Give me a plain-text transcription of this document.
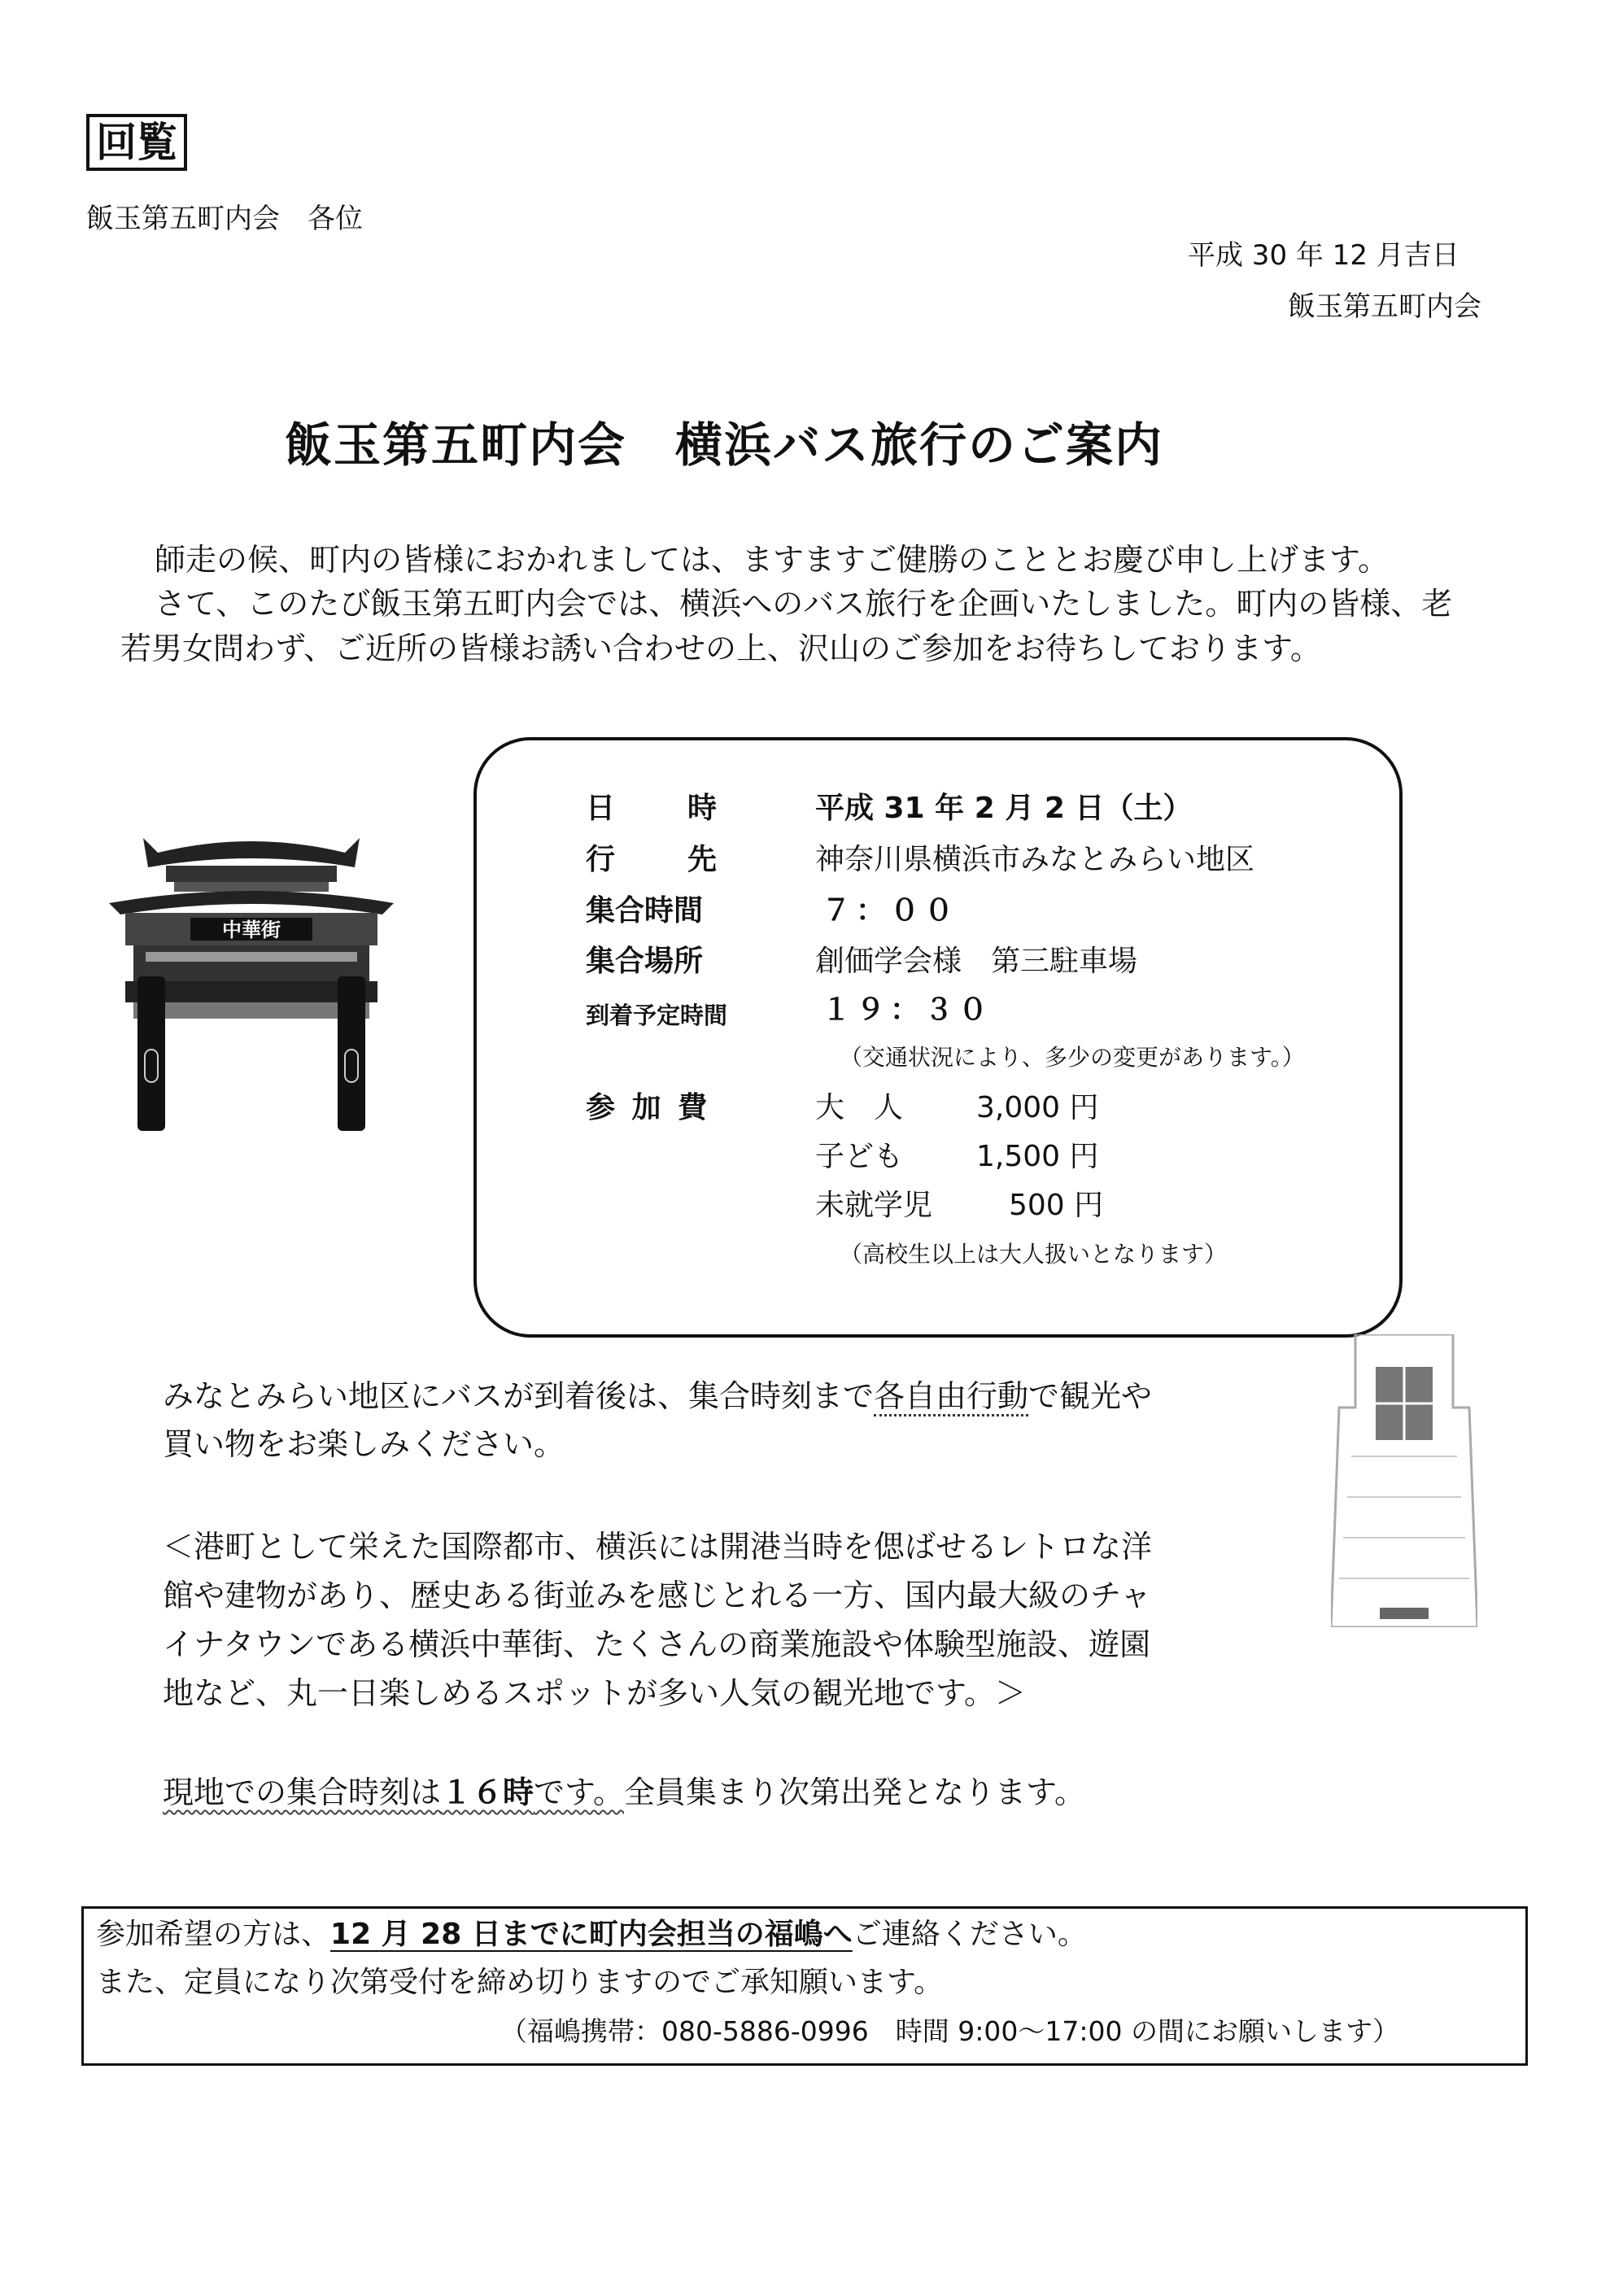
回覧
飯玉第五町内会　各位
平成 30 年 12 月吉日
飯玉第五町内会
飯玉第五町内会　横浜バス旅行のご案内
師走の候、町内の皆様におかれましては、ますますご健勝のこととお慶び申し上げます。
さて、このたび飯玉第五町内会では、横浜へのバス旅行を企画いたしました。町内の皆様、老
若男女問わず、ご近所の皆様お誘い合わせの上、沢山のご参加をお待ちしております。
中華街
日 時	平成 31 年 2 月 2 日（土）
行 先	神奈川県横浜市みなとみらい地区
集合時間	７：００
集合場所	創価学会様　第三駐車場
到着予定時間	１９：３０
（交通状況により、多少の変更があります。）
参 加 費	大　人 3,000 円
子ども 1,500 円
未就学児	500 円
（高校生以上は大人扱いとなります）
みなとみらい地区にバスが到着後は、集合時刻まで各自由行動で観光や
買い物をお楽しみください。
＜港町として栄えた国際都市、横浜には開港当時を偲ばせるレトロな洋
館や建物があり、歴史ある街並みを感じとれる一方、国内最大級のチャ
イナタウンである横浜中華街、たくさんの商業施設や体験型施設、遊園
地など、丸一日楽しめるスポットが多い人気の観光地です。＞
現地での集合時刻は１６時です。全員集まり次第出発となります。
参加希望の方は、12 月 28 日までに町内会担当の福嶋へご連絡ください。
また、定員になり次第受付を締め切りますのでご承知願います。
（福嶋携帯：080-5886-0996　時間 9:00～17:00 の間にお願いします）
